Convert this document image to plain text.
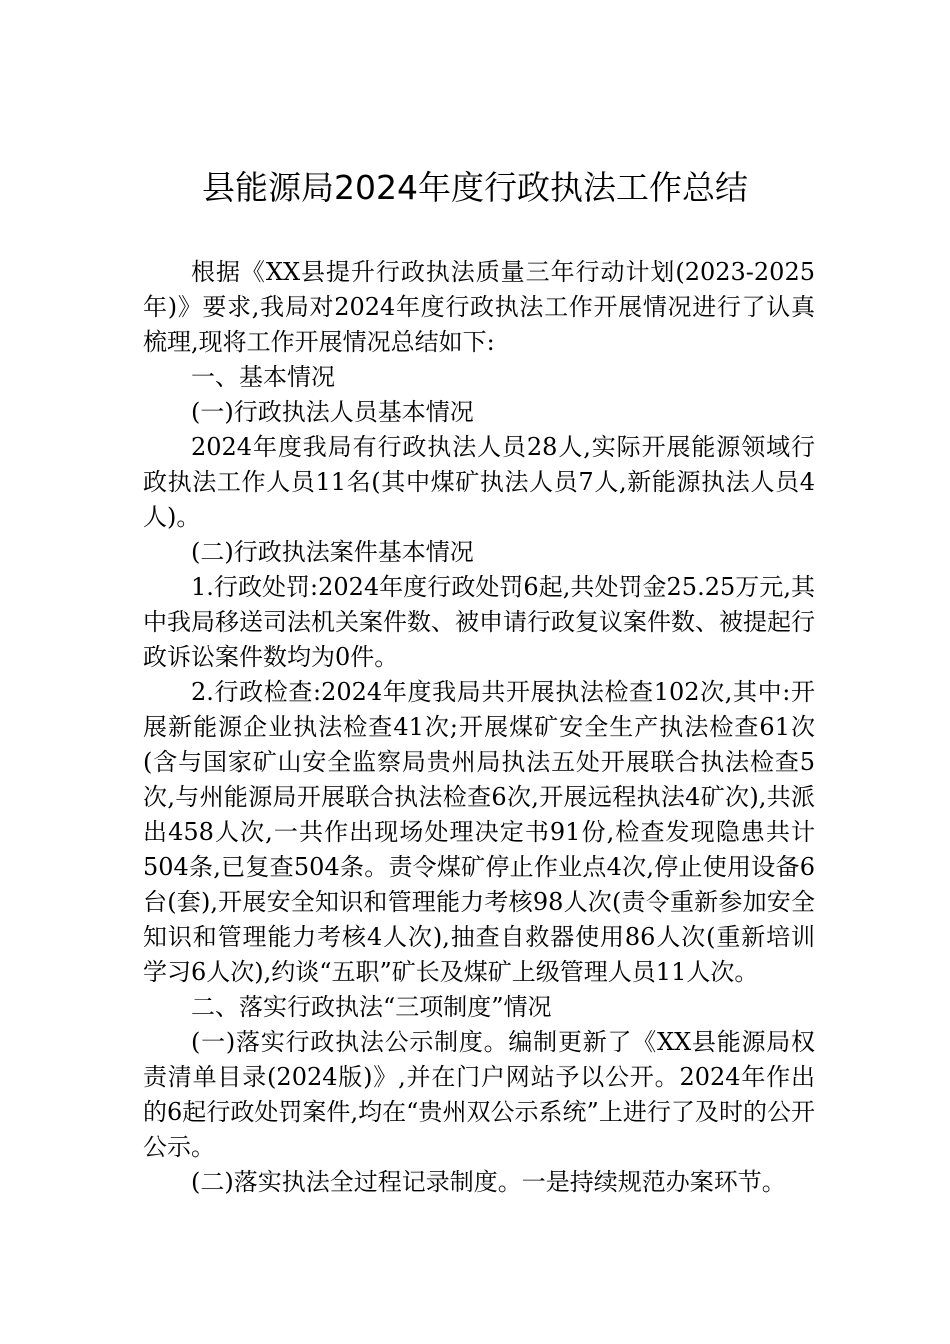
县能源局2024年度行政执法工作总结

根据《XX县提升行政执法质量三年行动计划(2023-2025年)》要求,我局对2024年度行政执法工作开展情况进行了认真梳理,现将工作开展情况总结如下:

一、基本情况

(一)行政执法人员基本情况

2024年度我局有行政执法人员28人,实际开展能源领域行政执法工作人员11名(其中煤矿执法人员7人,新能源执法人员4人)。

(二)行政执法案件基本情况

1.行政处罚:2024年度行政处罚6起,共处罚金25.25万元,其中我局移送司法机关案件数、被申请行政复议案件数、被提起行政诉讼案件数均为0件。

2.行政检查:2024年度我局共开展执法检查102次,其中:开展新能源企业执法检查41次;开展煤矿安全生产执法检查61次(含与国家矿山安全监察局贵州局执法五处开展联合执法检查5次,与州能源局开展联合执法检查6次,开展远程执法4矿次),共派出458人次,一共作出现场处理决定书91份,检查发现隐患共计504条,已复查504条。责令煤矿停止作业点4次,停止使用设备6台(套),开展安全知识和管理能力考核98人次(责令重新参加安全知识和管理能力考核4人次),抽查自救器使用86人次(重新培训学习6人次),约谈“五职”矿长及煤矿上级管理人员11人次。

二、落实行政执法“三项制度”情况

(一)落实行政执法公示制度。编制更新了《XX县能源局权责清单目录(2024版)》,并在门户网站予以公开。2024年作出的6起行政处罚案件,均在“贵州双公示系统”上进行了及时的公开公示。

(二)落实执法全过程记录制度。一是持续规范办案环节。
